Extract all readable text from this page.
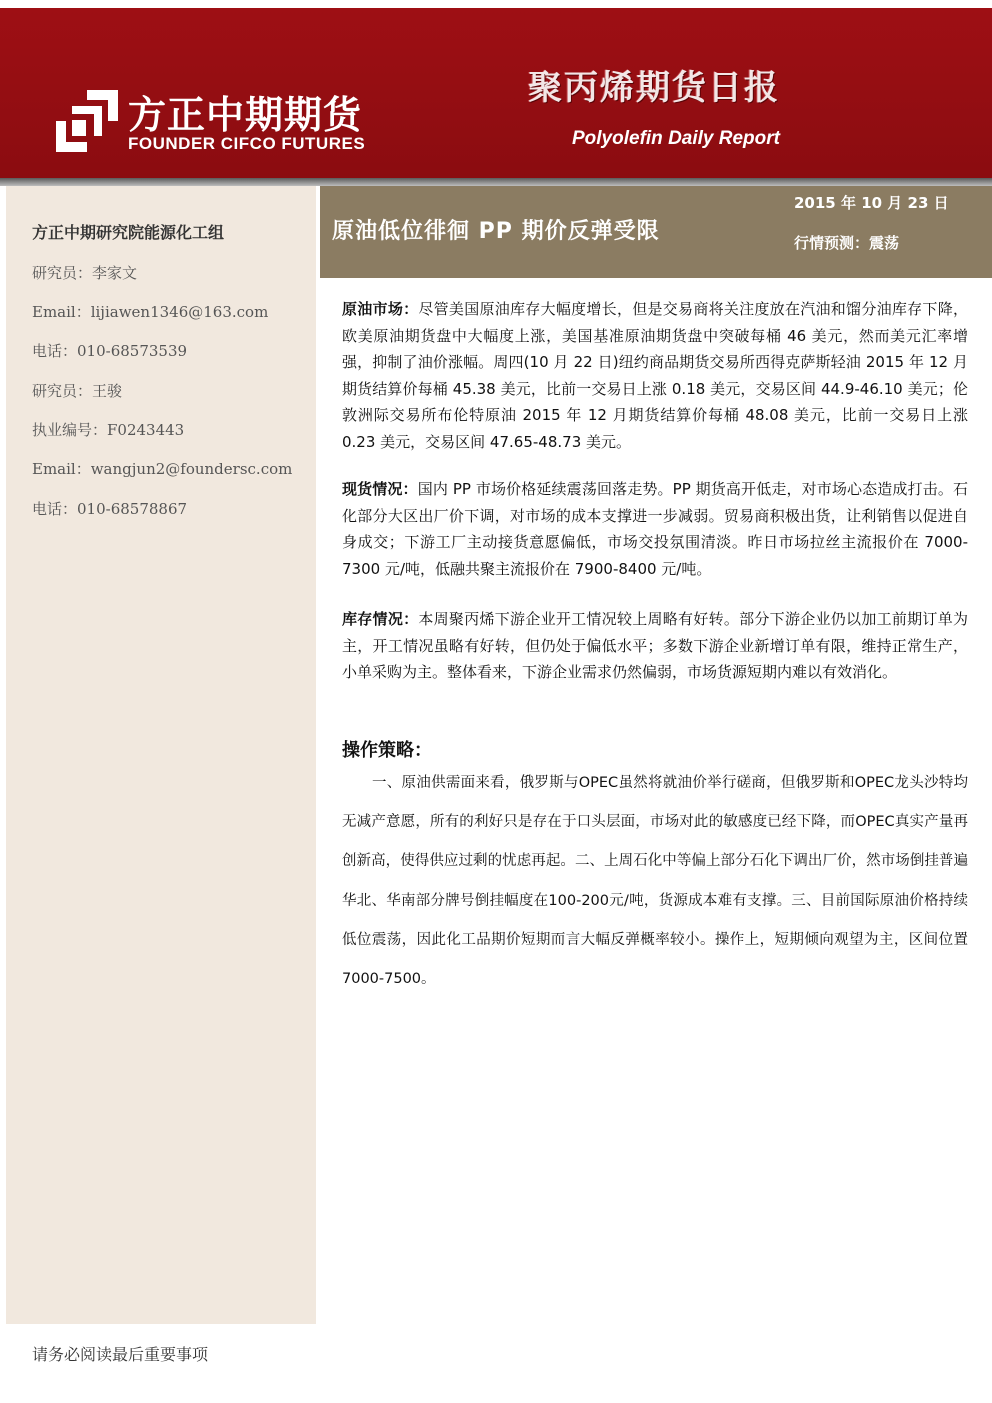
方正中期期货
FOUNDER CIFCO FUTURES
聚丙烯期货日报
Polyolefin Daily Report
方正中期研究院能源化工组
研究员：李家文
Email：lijiawen1346@163.com
电话：010-68573539
研究员：王骏
执业编号：F0243443
Email：wangjun2@foundersc.com
电话：010-68578867
原油低位徘徊 PP 期价反弹受限
2015 年 10 月 23 日
行情预测：震荡
原油市场：尽管美国原油库存大幅度增长，但是交易商将关注度放在汽油和馏分油库存下降，欧美原油期货盘中大幅度上涨，美国基准原油期货盘中突破每桶 46 美元，然而美元汇率增强，抑制了油价涨幅。周四(10 月 22 日)纽约商品期货交易所西得克萨斯轻油 2015 年 12 月期货结算价每桶 45.38 美元，比前一交易日上涨 0.18 美元，交易区间 44.9-46.10 美元；伦敦洲际交易所布伦特原油 2015 年 12 月期货结算价每桶 48.08 美元，比前一交易日上涨 0.23 美元，交易区间 47.65-48.73 美元。
现货情况：国内 PP 市场价格延续震荡回落走势。PP 期货高开低走，对市场心态造成打击。石化部分大区出厂价下调，对市场的成本支撑进一步减弱。贸易商积极出货，让利销售以促进自身成交；下游工厂主动接货意愿偏低，市场交投氛围清淡。昨日市场拉丝主流报价在 7000-7300 元/吨，低融共聚主流报价在 7900-8400 元/吨。
库存情况：本周聚丙烯下游企业开工情况较上周略有好转。部分下游企业仍以加工前期订单为主，开工情况虽略有好转，但仍处于偏低水平；多数下游企业新增订单有限，维持正常生产，小单采购为主。整体看来，下游企业需求仍然偏弱，市场货源短期内难以有效消化。
操作策略：
一、原油供需面来看，俄罗斯与OPEC虽然将就油价举行磋商，但俄罗斯和OPEC龙头沙特均无减产意愿，所有的利好只是存在于口头层面，市场对此的敏感度已经下降，而OPEC真实产量再创新高，使得供应过剩的忧虑再起。二、上周石化中等偏上部分石化下调出厂价，然市场倒挂普遍华北、华南部分牌号倒挂幅度在100-200元/吨，货源成本难有支撑。三、目前国际原油价格持续低位震荡，因此化工品期价短期而言大幅反弹概率较小。操作上，短期倾向观望为主，区间位置7000-7500。
请务必阅读最后重要事项
